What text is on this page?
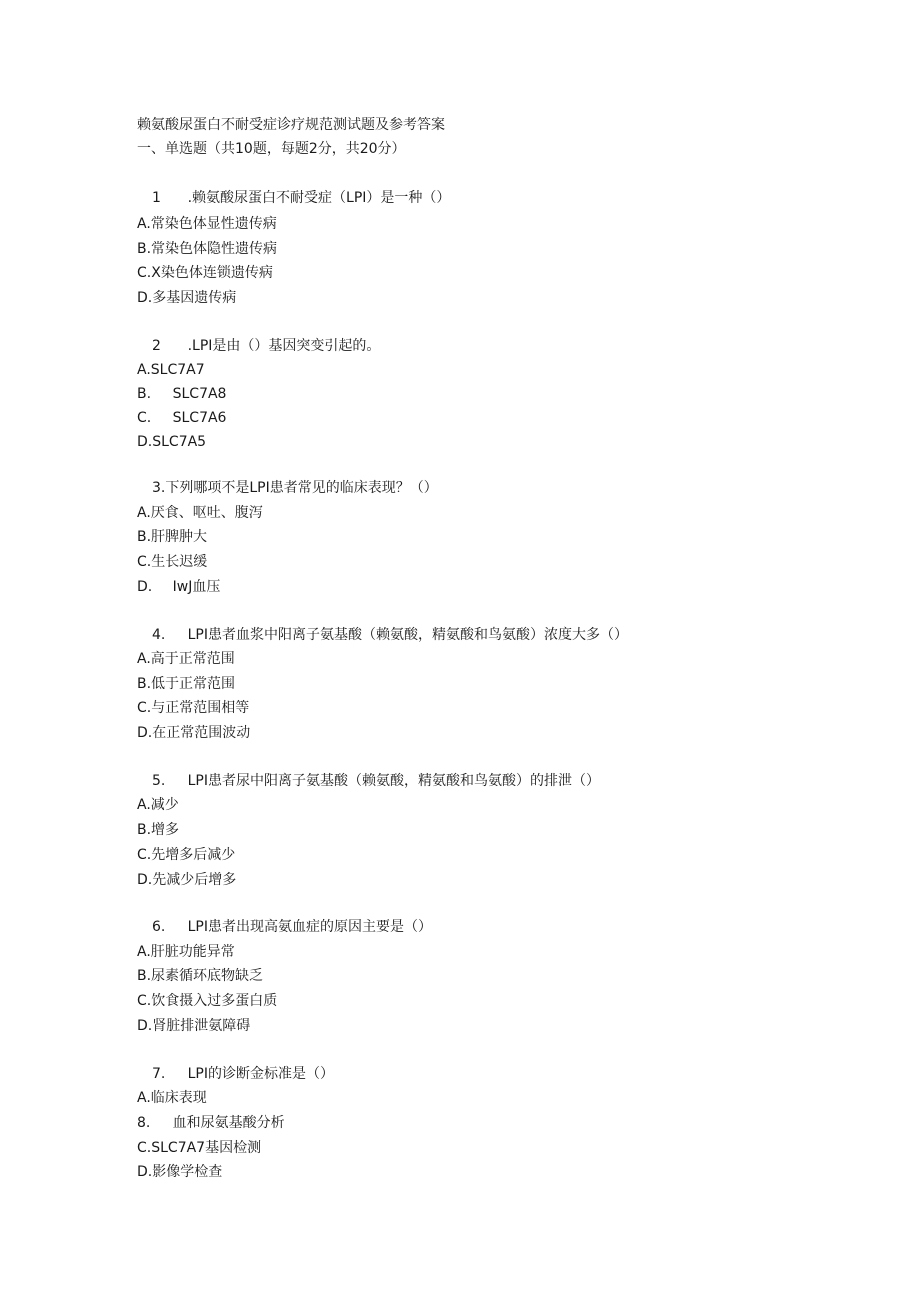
赖氨酸尿蛋白不耐受症诊疗规范测试题及参考答案
一、单选题（共10题，每题2分，共20分）
1	.赖氨酸尿蛋白不耐受症（LPI）是一种（）
A.常染色体显性遗传病
B.常染色体隐性遗传病
C.X染色体连锁遗传病
D.多基因遗传病
2	.LPI是由（）基因突变引起的。
A.SLC7A7
B.	SLC7A8
C.	SLC7A6
D.SLC7A5
3.下列哪项不是LPI患者常见的临床表现？（）
A.厌食、呕吐、腹泻
B.肝脾肿大
C.生长迟缓
D.	IwJ血压
4.	LPI患者血浆中阳离子氨基酸（赖氨酸，精氨酸和鸟氨酸）浓度大多（）
A.高于正常范围
B.低于正常范围
C.与正常范围相等
D.在正常范围波动
5.	LPI患者尿中阳离子氨基酸（赖氨酸，精氨酸和鸟氨酸）的排泄（）
A.减少
B.增多
C.先增多后减少
D.先减少后增多
6.	LPI患者出现高氨血症的原因主要是（）
A.肝脏功能异常
B.尿素循环底物缺乏
C.饮食摄入过多蛋白质
D.肾脏排泄氨障碍
7.	LPI的诊断金标准是（）
A.临床表现
8.	血和尿氨基酸分析
C.SLC7A7基因检测
D.影像学检查
